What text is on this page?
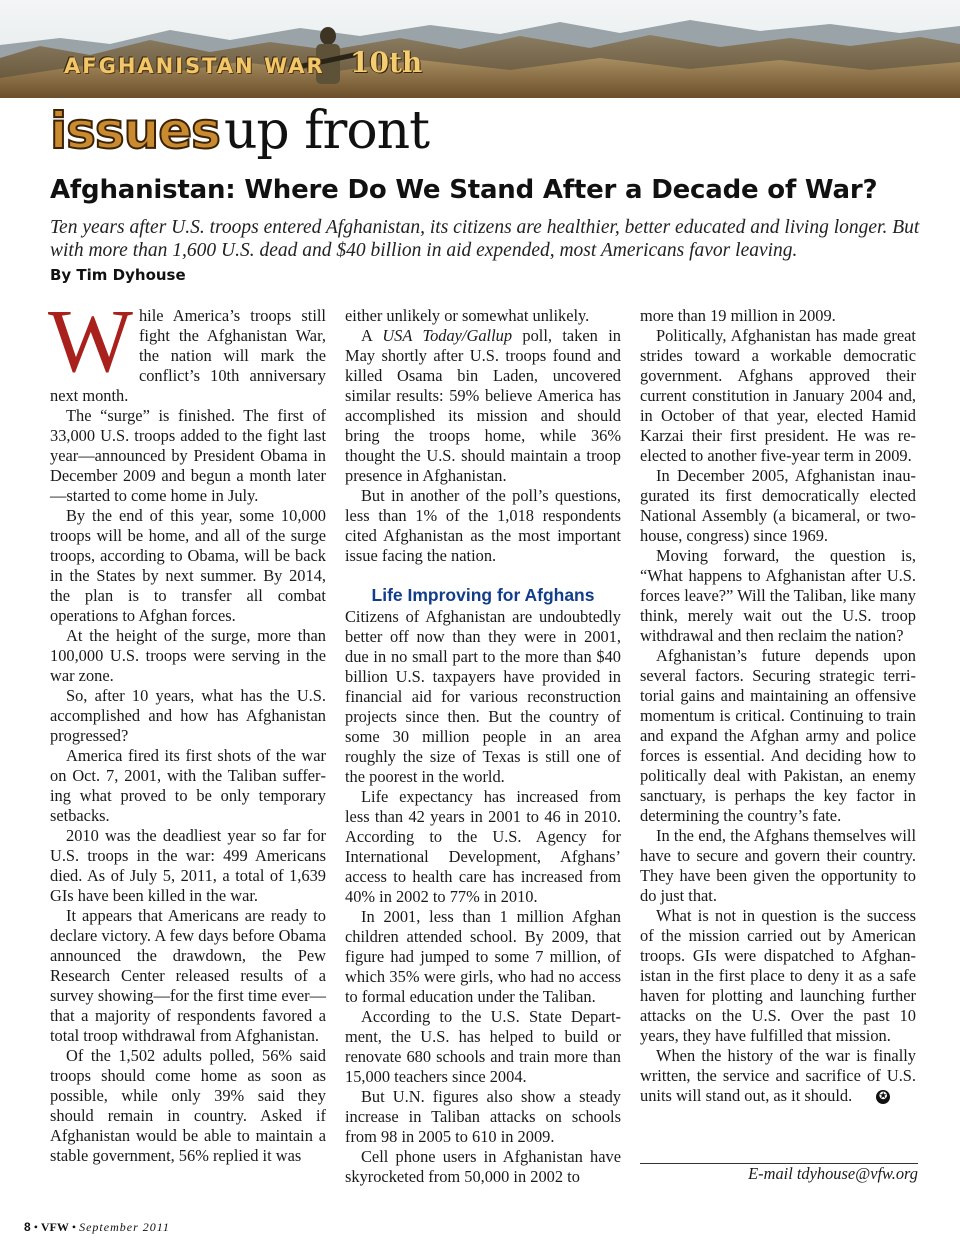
AFGHANISTAN WAR 10th
issues up front
Afghanistan: Where Do We Stand After a Decade of War?
Ten years after U.S. troops entered Afghanistan, its citizens are healthier, better educated and living longer. But with more than 1,600 U.S. dead and $40 billion in aid expended, most Americans favor leaving.
By Tim Dyhouse

While America’s troops still fight the Afghanistan War, the nation will mark the conflict’s 10th anniversary next month.

The “surge” is finished. The first of 33,000 U.S. troops added to the fight last year—announced by President Obama in December 2009 and begun a month later—started to come home in July.

By the end of this year, some 10,000 troops will be home, and all of the surge troops, according to Obama, will be back in the States by next summer. By 2014, the plan is to transfer all combat operations to Afghan forces.

At the height of the surge, more than 100,000 U.S. troops were serving in the war zone.

So, after 10 years, what has the U.S. accomplished and how has Afghanistan progressed?

America fired its first shots of the war on Oct. 7, 2001, with the Taliban suffering what proved to be only temporary setbacks.

2010 was the deadliest year so far for U.S. troops in the war: 499 Americans died. As of July 5, 2011, a total of 1,639 GIs have been killed in the war.

It appears that Americans are ready to declare victory. A few days before Obama announced the drawdown, the Pew Research Center released results of a survey showing—for the first time ever—that a majority of respondents favored a total troop withdrawal from Afghanistan.

Of the 1,502 adults polled, 56% said troops should come home as soon as possible, while only 39% said they should remain in country. Asked if Afghanistan would be able to maintain a stable government, 56% replied it was

either unlikely or somewhat unlikely.

A USA Today/Gallup poll, taken in May shortly after U.S. troops found and killed Osama bin Laden, uncovered similar results: 59% believe America has accomplished its mission and should bring the troops home, while 36% thought the U.S. should maintain a troop presence in Afghanistan.

But in another of the poll’s questions, less than 1% of the 1,018 respondents cited Afghanistan as the most important issue facing the nation.

Life Improving for Afghans

Citizens of Afghanistan are undoubtedly better off now than they were in 2001, due in no small part to the more than $40 billion U.S. taxpayers have provided in financial aid for various reconstruction projects since then. But the country of some 30 million people in an area roughly the size of Texas is still one of the poorest in the world.

Life expectancy has increased from less than 42 years in 2001 to 46 in 2010. According to the U.S. Agency for International Development, Afghans’ access to health care has increased from 40% in 2002 to 77% in 2010.

In 2001, less than 1 million Afghan children attended school. By 2009, that figure had jumped to some 7 million, of which 35% were girls, who had no access to formal education under the Taliban.

According to the U.S. State Department, the U.S. has helped to build or renovate 680 schools and train more than 15,000 teachers since 2004.

But U.N. figures also show a steady increase in Taliban attacks on schools from 98 in 2005 to 610 in 2009.

Cell phone users in Afghanistan have skyrocketed from 50,000 in 2002 to

more than 19 million in 2009.

Politically, Afghanistan has made great strides toward a workable democratic government. Afghans approved their current constitution in January 2004 and, in October of that year, elected Hamid Karzai their first president. He was re-elected to another five-year term in 2009.

In December 2005, Afghanistan inaugurated its first democratically elected National Assembly (a bicameral, or two-house, congress) since 1969.

Moving forward, the question is, “What happens to Afghanistan after U.S. forces leave?” Will the Taliban, like many think, merely wait out the U.S. troop withdrawal and then reclaim the nation?

Afghanistan’s future depends upon several factors. Securing strategic territorial gains and maintaining an offensive momentum is critical. Continuing to train and expand the Afghan army and police forces is essential. And deciding how to politically deal with Pakistan, an enemy sanctuary, is perhaps the key factor in determining the country’s fate.

In the end, the Afghans themselves will have to secure and govern their country. They have been given the opportunity to do just that.

What is not in question is the success of the mission carried out by American troops. GIs were dispatched to Afghanistan in the first place to deny it as a safe haven for plotting and launching further attacks on the U.S. Over the past 10 years, they have fulfilled that mission.

When the history of the war is finally written, the service and sacrifice of U.S. units will stand out, as it should.	✪

E-mail tdyhouse@vfw.org
8 • VFW • September 2011
